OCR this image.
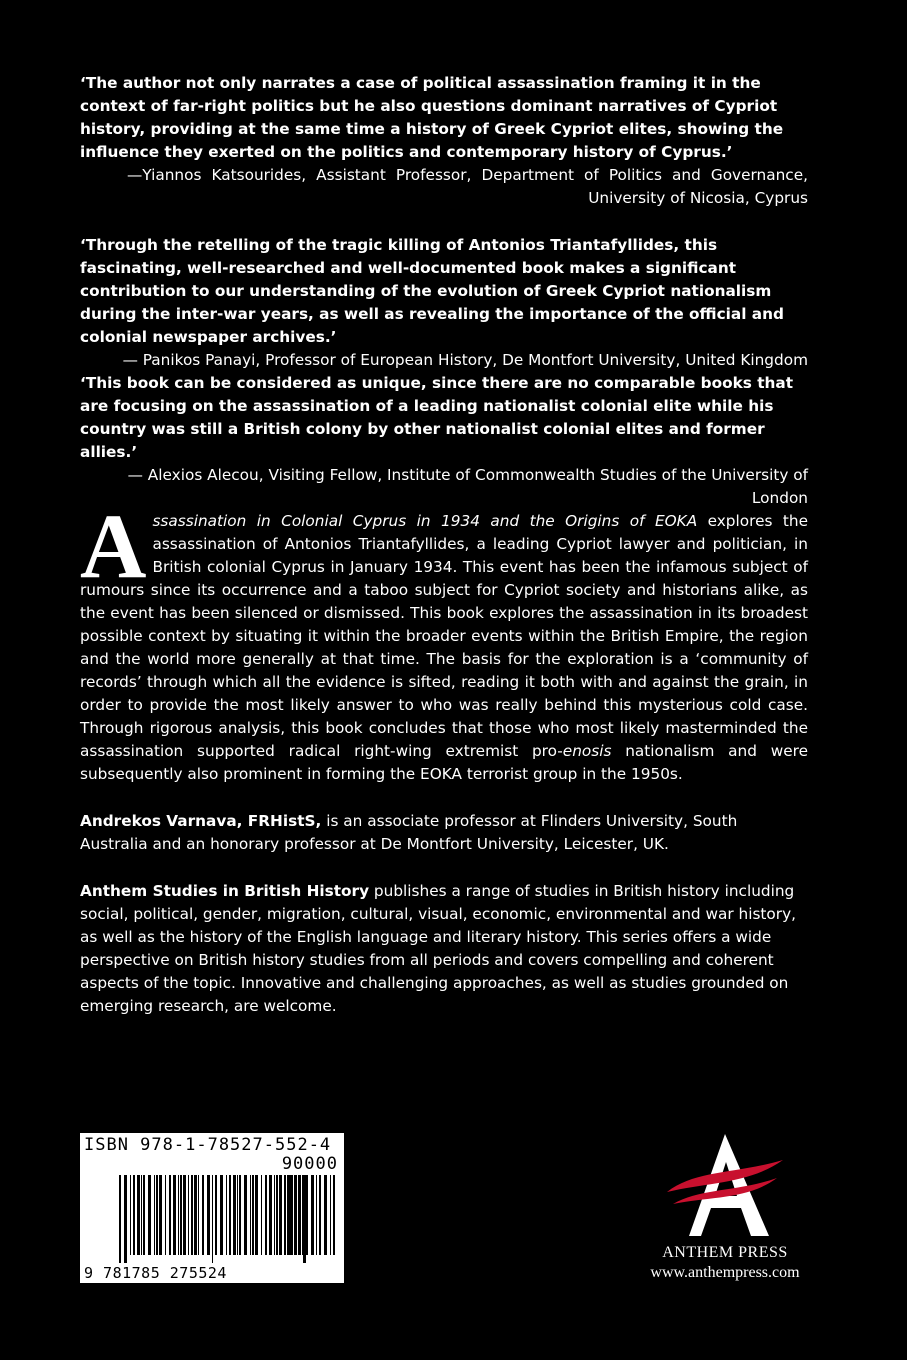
‘The author not only narrates a case of political assassination framing it in the context of far-right politics but he also questions dominant narratives of Cypriot history, providing at the same time a history of Greek Cypriot elites, showing the influence they exerted on the politics and contemporary history of Cyprus.’

—Yiannos Katsourides, Assistant Professor, Department of Politics and Governance, University of Nicosia, Cyprus

‘Through the retelling of the tragic killing of Antonios Triantafyllides, this fascinating, well-researched and well-documented book makes a significant contribution to our understanding of the evolution of Greek Cypriot nationalism during the inter-war years, as well as revealing the importance of the official and colonial newspaper archives.’

— Panikos Panayi, Professor of European History, De Montfort University, United Kingdom

‘This book can be considered as unique, since there are no comparable books that are focusing on the assassination of a leading nationalist colonial elite while his country was still a British colony by other nationalist colonial elites and former allies.’

— Alexios Alecou, Visiting Fellow, Institute of Commonwealth Studies of the University of London

Assassination in Colonial Cyprus in 1934 and the Origins of EOKA explores the assassination of Antonios Triantafyllides, a leading Cypriot lawyer and politician, in British colonial Cyprus in January 1934. This event has been the infamous subject of rumours since its occurrence and a taboo subject for Cypriot society and historians alike, as the event has been silenced or dismissed. This book explores the assassination in its broadest possible context by situating it within the broader events within the British Empire, the region and the world more generally at that time. The basis for the exploration is a ‘community of records’ through which all the evidence is sifted, reading it both with and against the grain, in order to provide the most likely answer to who was really behind this mysterious cold case. Through rigorous analysis, this book concludes that those who most likely masterminded the assassination supported radical right-wing extremist pro-enosis nationalism and were subsequently also prominent in forming the EOKA terrorist group in the 1950s.

Andrekos Varnava, FRHistS, is an associate professor at Flinders University, South Australia and an honorary professor at De Montfort University, Leicester, UK.

Anthem Studies in British History publishes a range of studies in British history including social, political, gender, migration, cultural, visual, economic, environmental and war history, as well as the history of the English language and literary history. This series offers a wide perspective on British history studies from all periods and covers compelling and coherent aspects of the topic. Innovative and challenging approaches, as well as studies grounded on emerging research, are welcome.

ISBN 978-1-78527-552-4
90000
9 781785 275524
ANTHEM PRESS
www.anthempress.com
